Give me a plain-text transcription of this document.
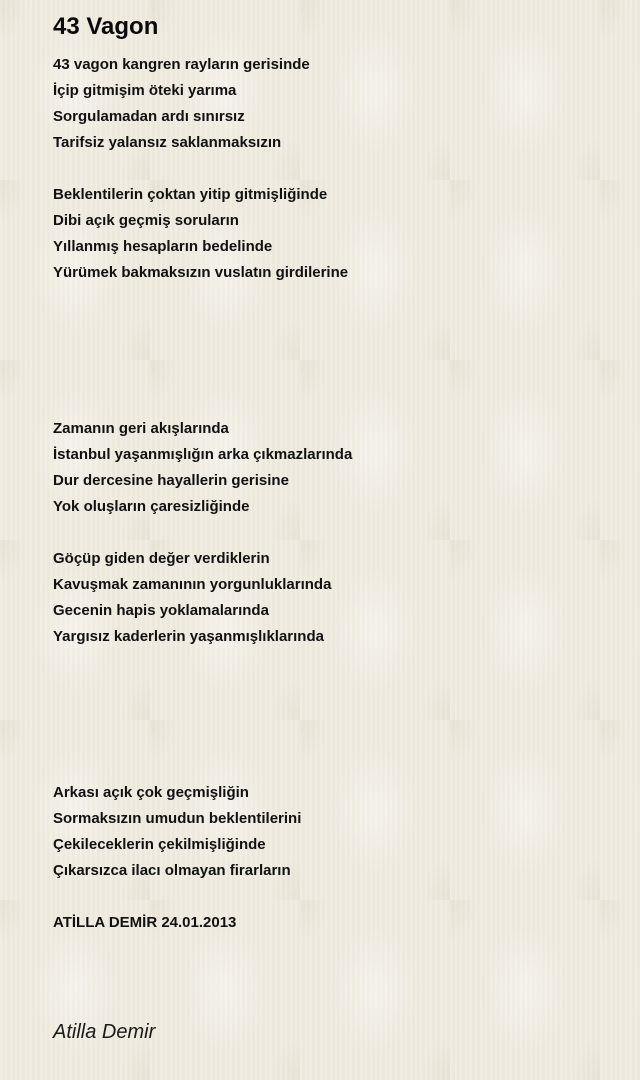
43 Vagon
43 vagon kangren rayların gerisinde
İçip gitmişim öteki yarıma
Sorgulamadan ardı sınırsız
Tarifsiz yalansız saklanmaksızın
Beklentilerin çoktan yitip gitmişliğinde
Dibi açık geçmiş soruların
Yıllanmış hesapların bedelinde
Yürümek bakmaksızın vuslatın girdilerine
Zamanın geri akışlarında
İstanbul yaşanmışlığın arka çıkmazlarında
Dur dercesine hayallerin gerisine
Yok oluşların çaresizliğinde
Göçüp giden değer verdiklerin
Kavuşmak zamanının yorgunluklarında
Gecenin hapis yoklamalarında
Yargısız kaderlerin yaşanmışlıklarında
Arkası açık çok geçmişliğin
Sormaksızın umudun beklentilerini
Çekileceklerin çekilmişliğinde
Çıkarsızca ilacı olmayan firarların
ATİLLA DEMİR 24.01.2013
Atilla Demir
